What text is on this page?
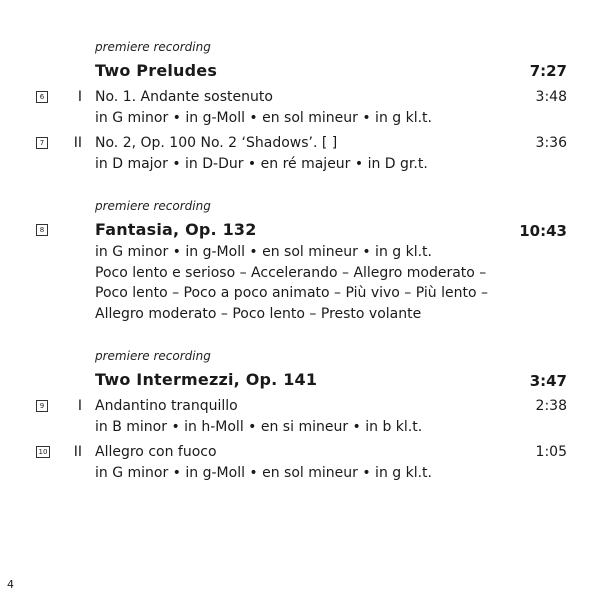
premiere recording
Two Preludes	7:27
6	I No. 1. Andante sostenuto	3:48
in G minor • in g-Moll • en sol mineur • in g kl.t.
7	II No. 2, Op. 100 No. 2 ‘Shadows’. [ ]	3:36
in D major • in D-Dur • en ré majeur • in D gr.t.
premiere recording
8	Fantasia, Op. 132	10:43
in G minor • in g-Moll • en sol mineur • in g kl.t.
Poco lento e serioso – Accelerando – Allegro moderato –
Poco lento – Poco a poco animato – Più vivo – Più lento –
Allegro moderato – Poco lento – Presto volante
premiere recording
Two Intermezzi, Op. 141	3:47
9	I Andantino tranquillo	2:38
in B minor • in h-Moll • en si mineur • in b kl.t.
10	II Allegro con fuoco	1:05
in G minor • in g-Moll • en sol mineur • in g kl.t.
4
